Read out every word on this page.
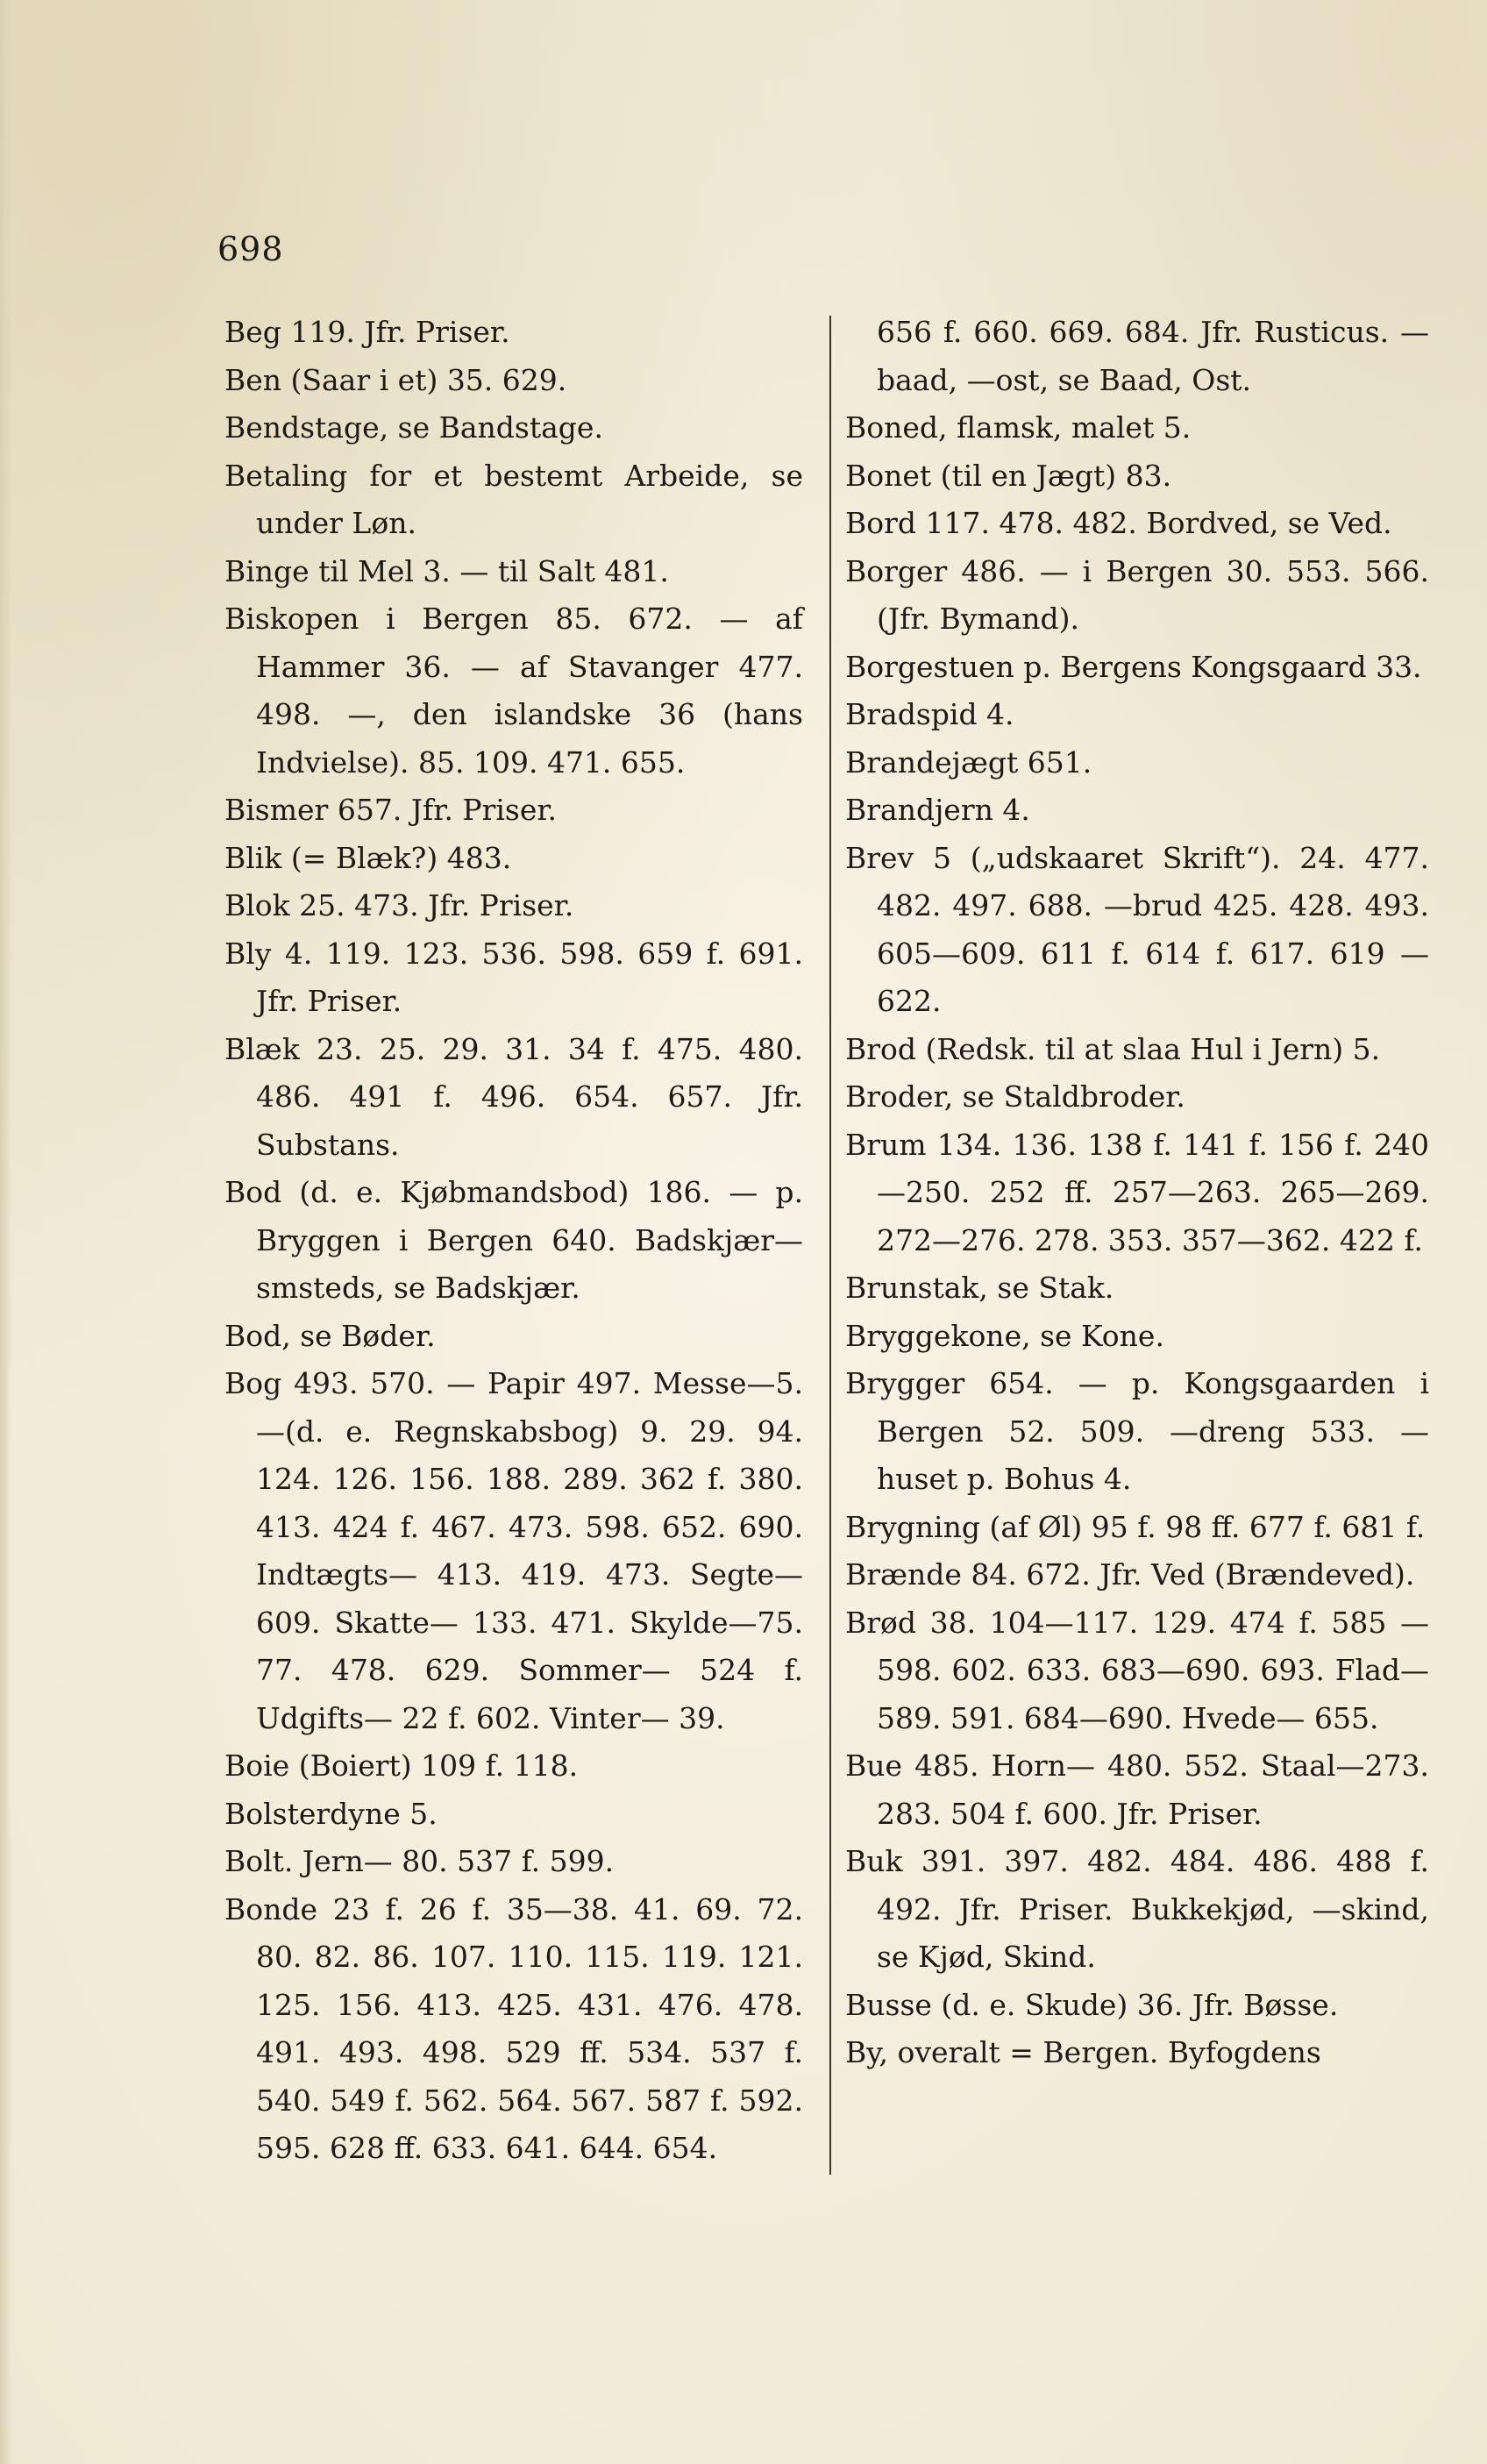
698

Beg 119. Jfr. Priser.

Ben (Saar i et) 35. 629.

Bendstage, se Bandstage.

Betaling for et bestemt Arbeide, se under Løn.

Binge til Mel 3. — til Salt 481.

Biskopen i Bergen 85. 672. — af Hammer 36. — af Stavanger 477. 498. —, den islandske 36 (hans Indvielse). 85. 109. 471. 655.

Bismer 657. Jfr. Priser.

Blik (= Blæk?) 483.

Blok 25. 473. Jfr. Priser.

Bly 4. 119. 123. 536. 598. 659 f. 691. Jfr. Priser.

Blæk 23. 25. 29. 31. 34 f. 475. 480. 486. 491 f. 496. 654. 657. Jfr. Substans.

Bod (d. e. Kjøbmandsbod) 186. — p. Bryggen i Bergen 640. Badskjær—smsteds, se Badskjær.

Bod, se Bøder.

Bog 493. 570. — Papir 497. Messe—5. —(d. e. Regnskabsbog) 9. 29. 94. 124. 126. 156. 188. 289. 362 f. 380. 413. 424 f. 467. 473. 598. 652. 690. Indtægts— 413. 419. 473. Segte—609. Skatte— 133. 471. Skylde—75. 77. 478. 629. Sommer— 524 f. Udgifts— 22 f. 602. Vinter— 39.

Boie (Boiert) 109 f. 118.

Bolsterdyne 5.

Bolt. Jern— 80. 537 f. 599.

Bonde 23 f. 26 f. 35—38. 41. 69. 72. 80. 82. 86. 107. 110. 115. 119. 121. 125. 156. 413. 425. 431. 476. 478. 491. 493. 498. 529 ff. 534. 537 f. 540. 549 f. 562. 564. 567. 587 f. 592. 595. 628 ff. 633. 641. 644. 654.

656 f. 660. 669. 684. Jfr. Rusticus. —baad, —ost, se Baad, Ost.

Boned, flamsk, malet 5.

Bonet (til en Jægt) 83.

Bord 117. 478. 482. Bordved, se Ved.

Borger 486. — i Bergen 30. 553. 566. (Jfr. Bymand).

Borgestuen p. Bergens Kongsgaard 33.

Bradspid 4.

Brandejægt 651.

Brandjern 4.

Brev 5 („udskaaret Skrift“). 24. 477. 482. 497. 688. —brud 425. 428. 493. 605—609. 611 f. 614 f. 617. 619 —622.

Brod (Redsk. til at slaa Hul i Jern) 5.

Broder, se Staldbroder.

Brum 134. 136. 138 f. 141 f. 156 f. 240—250. 252 ff. 257—263. 265—269. 272—276. 278. 353. 357—362. 422 f.

Brunstak, se Stak.

Bryggekone, se Kone.

Brygger 654. — p. Kongsgaarden i Bergen 52. 509. —dreng 533. —huset p. Bohus 4.

Brygning (af Øl) 95 f. 98 ff. 677 f. 681 f.

Brænde 84. 672. Jfr. Ved (Brændeved).

Brød 38. 104—117. 129. 474 f. 585 —598. 602. 633. 683—690. 693. Flad—589. 591. 684—690. Hvede— 655.

Bue 485. Horn— 480. 552. Staal—273. 283. 504 f. 600. Jfr. Priser.

Buk 391. 397. 482. 484. 486. 488 f. 492. Jfr. Priser. Bukkekjød, —skind, se Kjød, Skind.

Busse (d. e. Skude) 36. Jfr. Bøsse.

By, overalt = Bergen. Byfogdens
